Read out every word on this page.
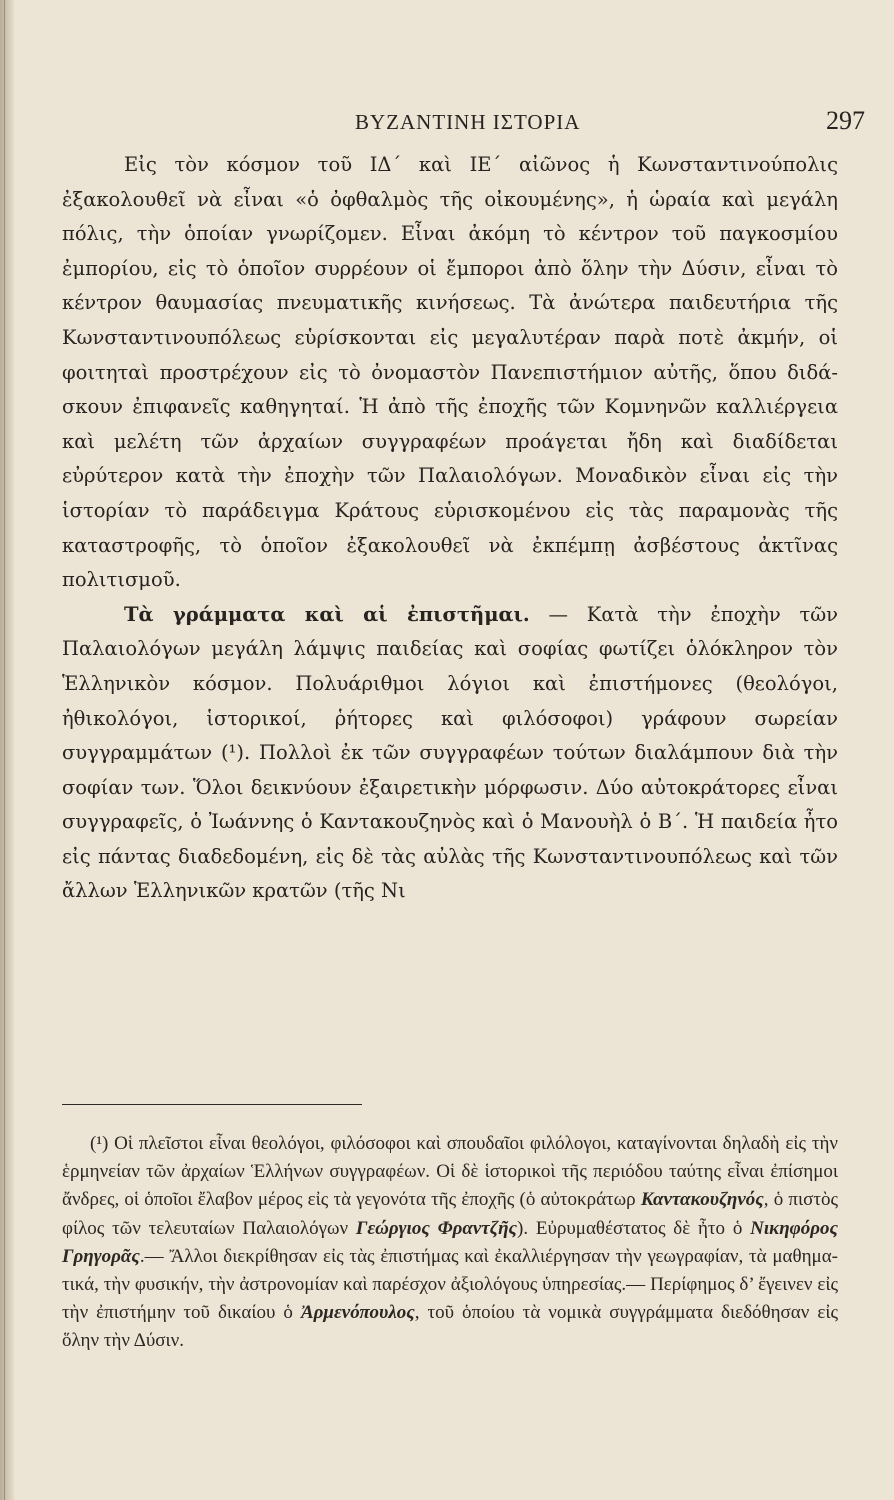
ΒΥΖΑΝΤΙΝΗ ΙΣΤΟΡΙΑ	297

Εἰς τὸν κόσμον τοῦ ΙΔ΄ καὶ ΙΕ΄ αἰῶνος ἡ Κωνσταντινούπολις ἐξακολουθεῖ νὰ εἶναι «ὁ ὀφθαλμὸς τῆς οἰκουμένης», ἡ ὡραία καὶ μεγάλη πόλις, τὴν ὁποίαν γνωρίζομεν. Εἶναι ἀκόμη τὸ κέντρον τοῦ παγκοσμίου ἐμπορίου, εἰς τὸ ὁποῖον συρρέουν οἱ ἔμποροι ἀπὸ ὅλην τὴν Δύσιν, εἶναι τὸ κέντρον θαυμασίας πνευματικῆς κινήσεως. Τὰ ἀνώτερα παιδευτήρια τῆς Κωνσταντινουπόλεως εὑρίσκονται εἰς μεγαλυτέραν παρὰ ποτὲ ἀκμήν, οἱ φοιτηταὶ προστρέχουν εἰς τὸ ὀνομαστὸν Πανεπιστήμιον αὐτῆς, ὅπου διδάσκουν ἐπιφανεῖς καθηγηταί. Ἡ ἀπὸ τῆς ἐποχῆς τῶν Κομνηνῶν καλλιέργεια καὶ μελέτη τῶν ἀρχαίων συγγραφέων προάγεται ἤδη καὶ διαδίδεται εὐρύτερον κατὰ τὴν ἐποχὴν τῶν Παλαιολόγων. Μοναδικὸν εἶναι εἰς τὴν ἱστορίαν τὸ παράδειγμα Κράτους εὑρισκομένου εἰς τὰς παραμονὰς τῆς καταστροφῆς, τὸ ὁποῖον ἐξακολουθεῖ νὰ ἐκπέμπῃ ἀσβέστους ἀκτῖνας πολιτισμοῦ.

Τὰ γράμματα καὶ αἱ ἐπιστῆμαι. — Κατὰ τὴν ἐποχὴν τῶν Παλαιολόγων μεγάλη λάμψις παιδείας καὶ σοφίας φωτίζει ὁλόκληρον τὸν Ἑλληνικὸν κόσμον. Πολυάριθμοι λόγιοι καὶ ἐπιστήμονες (θεολόγοι, ἠθικολόγοι, ἱστορικοί, ῥήτορες καὶ φιλόσοφοι) γράφουν σωρείαν συγγραμμάτων (¹). Πολλοὶ ἐκ τῶν συγγραφέων τούτων διαλάμπουν διὰ τὴν σοφίαν των. Ὅλοι δεικνύουν ἐξαιρετικὴν μόρφωσιν. Δύο αὐτοκράτορες εἶναι συγγραφεῖς, ὁ Ἰωάννης ὁ Καντακουζηνὸς καὶ ὁ Μανουὴλ ὁ Β΄. Ἡ παιδεία ἦτο εἰς πάντας διαδεδομένη, εἰς δὲ τὰς αὐλὰς τῆς Κωνσταντινουπόλεως καὶ τῶν ἄλλων Ἑλληνικῶν κρατῶν (τῆς Νι

(¹) Οἱ πλεῖστοι εἶναι θεολόγοι, φιλόσοφοι καὶ σπουδαῖοι φιλόλογοι, καταγίνονται δηλαδὴ εἰς τὴν ἑρμηνείαν τῶν ἀρχαίων Ἑλλήνων συγγραφέων. Οἱ δὲ ἱστορικοὶ τῆς περιόδου ταύτης εἶναι ἐπίσημοι ἄνδρες, οἱ ὁποῖοι ἔλαβον μέρος εἰς τὰ γεγονότα τῆς ἐποχῆς (ὁ αὐτοκράτωρ Καντακουζηνός, ὁ πιστὸς φίλος τῶν τελευταίων Παλαιολόγων Γεώργιος Φραντζῆς). Εὐρυμαθέστατος δὲ ἦτο ὁ Νικηφόρος Γρηγορᾶς.— Ἄλλοι διεκρίθησαν εἰς τὰς ἐπιστήμας καὶ ἐκαλλιέργησαν τὴν γεωγραφίαν, τὰ μαθηματικά, τὴν φυσικήν, τὴν ἀστρονομίαν καὶ παρέσχον ἀξιολόγους ὑπηρεσίας.— Περίφημος δ’ ἔγεινεν εἰς τὴν ἐπιστήμην τοῦ δικαίου ὁ Ἀρμενόπουλος, τοῦ ὁποίου τὰ νομικὰ συγγράμματα διεδόθησαν εἰς ὅλην τὴν Δύσιν.
